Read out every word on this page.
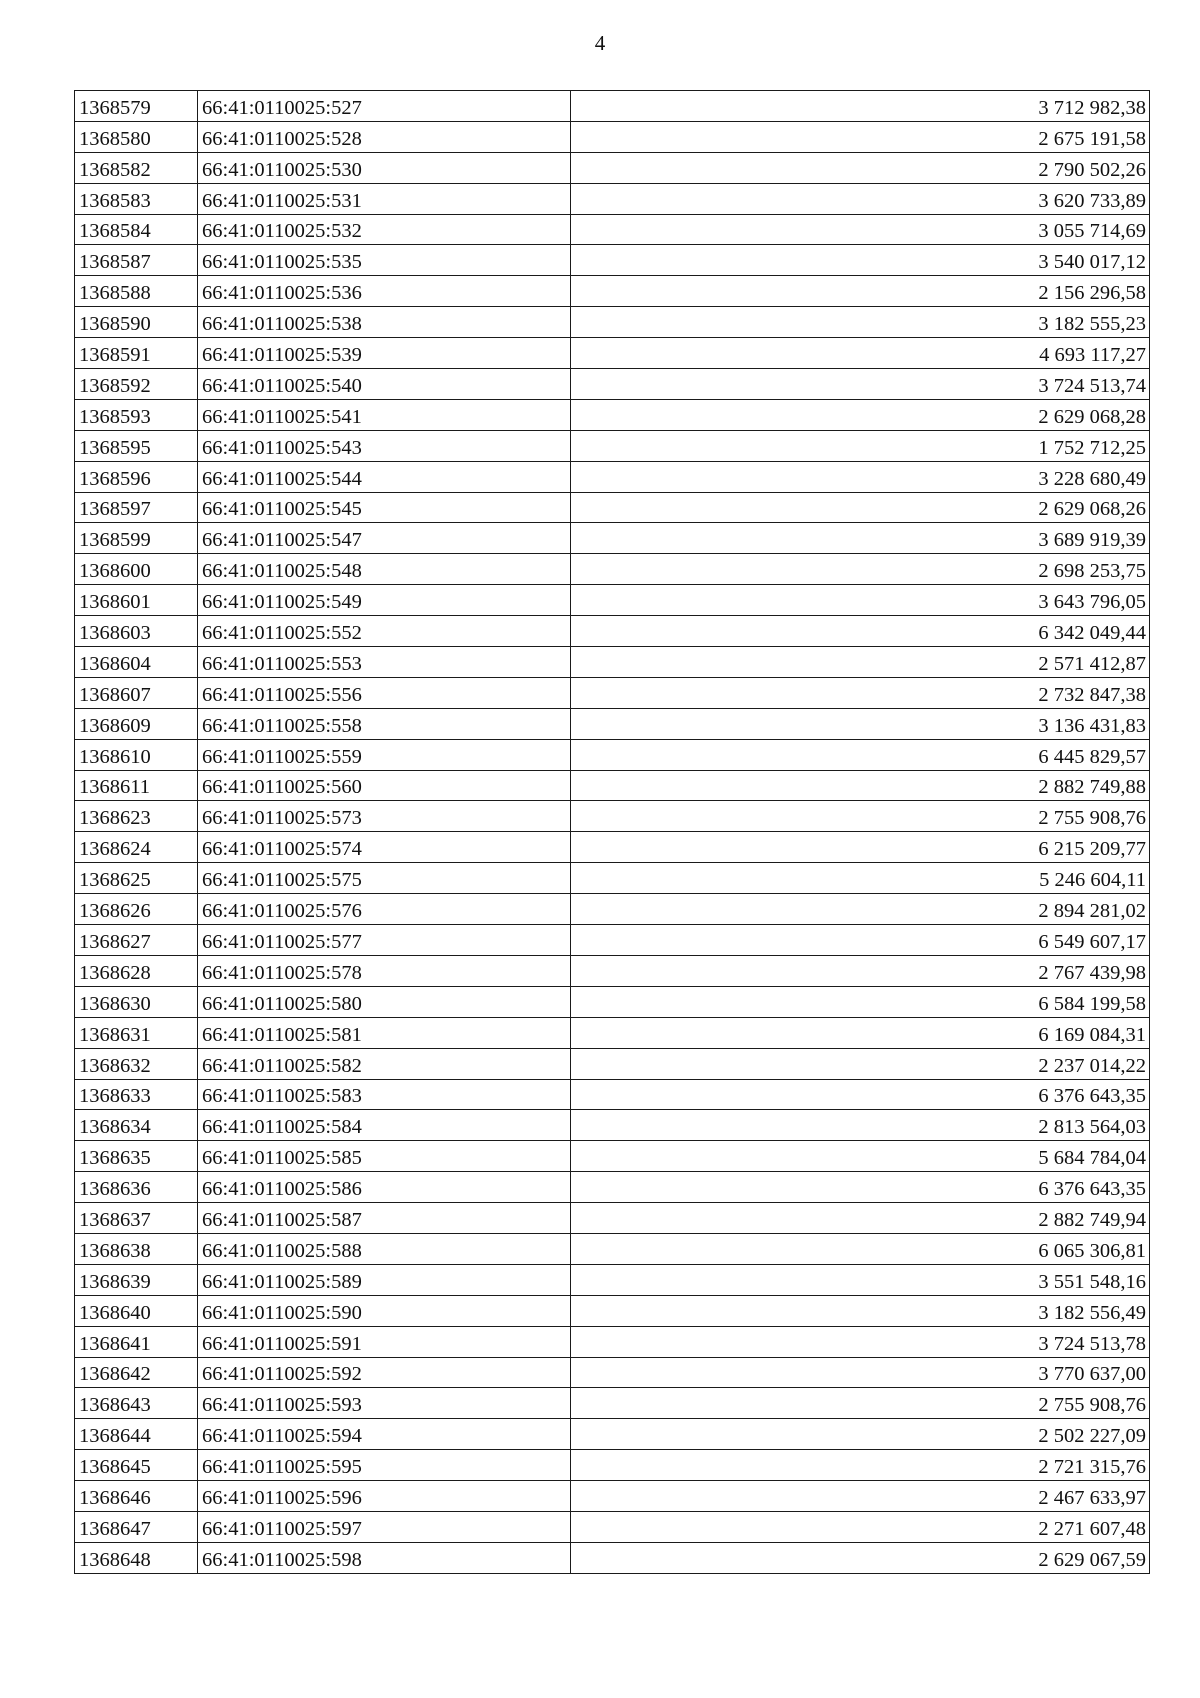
4
1368579	66:41:0110025:527	3 712 982,38	
1368580	66:41:0110025:528	2 675 191,58	
1368582	66:41:0110025:530	2 790 502,26	
1368583	66:41:0110025:531	3 620 733,89	
1368584	66:41:0110025:532	3 055 714,69	
1368587	66:41:0110025:535	3 540 017,12	
1368588	66:41:0110025:536	2 156 296,58	
1368590	66:41:0110025:538	3 182 555,23	
1368591	66:41:0110025:539	4 693 117,27	
1368592	66:41:0110025:540	3 724 513,74	
1368593	66:41:0110025:541	2 629 068,28	
1368595	66:41:0110025:543	1 752 712,25	
1368596	66:41:0110025:544	3 228 680,49	
1368597	66:41:0110025:545	2 629 068,26	
1368599	66:41:0110025:547	3 689 919,39	
1368600	66:41:0110025:548	2 698 253,75	
1368601	66:41:0110025:549	3 643 796,05	
1368603	66:41:0110025:552	6 342 049,44	
1368604	66:41:0110025:553	2 571 412,87	
1368607	66:41:0110025:556	2 732 847,38	
1368609	66:41:0110025:558	3 136 431,83	
1368610	66:41:0110025:559	6 445 829,57	
1368611	66:41:0110025:560	2 882 749,88	
1368623	66:41:0110025:573	2 755 908,76	
1368624	66:41:0110025:574	6 215 209,77	
1368625	66:41:0110025:575	5 246 604,11	
1368626	66:41:0110025:576	2 894 281,02	
1368627	66:41:0110025:577	6 549 607,17	
1368628	66:41:0110025:578	2 767 439,98	
1368630	66:41:0110025:580	6 584 199,58	
1368631	66:41:0110025:581	6 169 084,31	
1368632	66:41:0110025:582	2 237 014,22	
1368633	66:41:0110025:583	6 376 643,35	
1368634	66:41:0110025:584	2 813 564,03	
1368635	66:41:0110025:585	5 684 784,04	
1368636	66:41:0110025:586	6 376 643,35	
1368637	66:41:0110025:587	2 882 749,94	
1368638	66:41:0110025:588	6 065 306,81	
1368639	66:41:0110025:589	3 551 548,16	
1368640	66:41:0110025:590	3 182 556,49	
1368641	66:41:0110025:591	3 724 513,78	
1368642	66:41:0110025:592	3 770 637,00	
1368643	66:41:0110025:593	2 755 908,76	
1368644	66:41:0110025:594	2 502 227,09	
1368645	66:41:0110025:595	2 721 315,76	
1368646	66:41:0110025:596	2 467 633,97	
1368647	66:41:0110025:597	2 271 607,48	
1368648	66:41:0110025:598	2 629 067,59	
